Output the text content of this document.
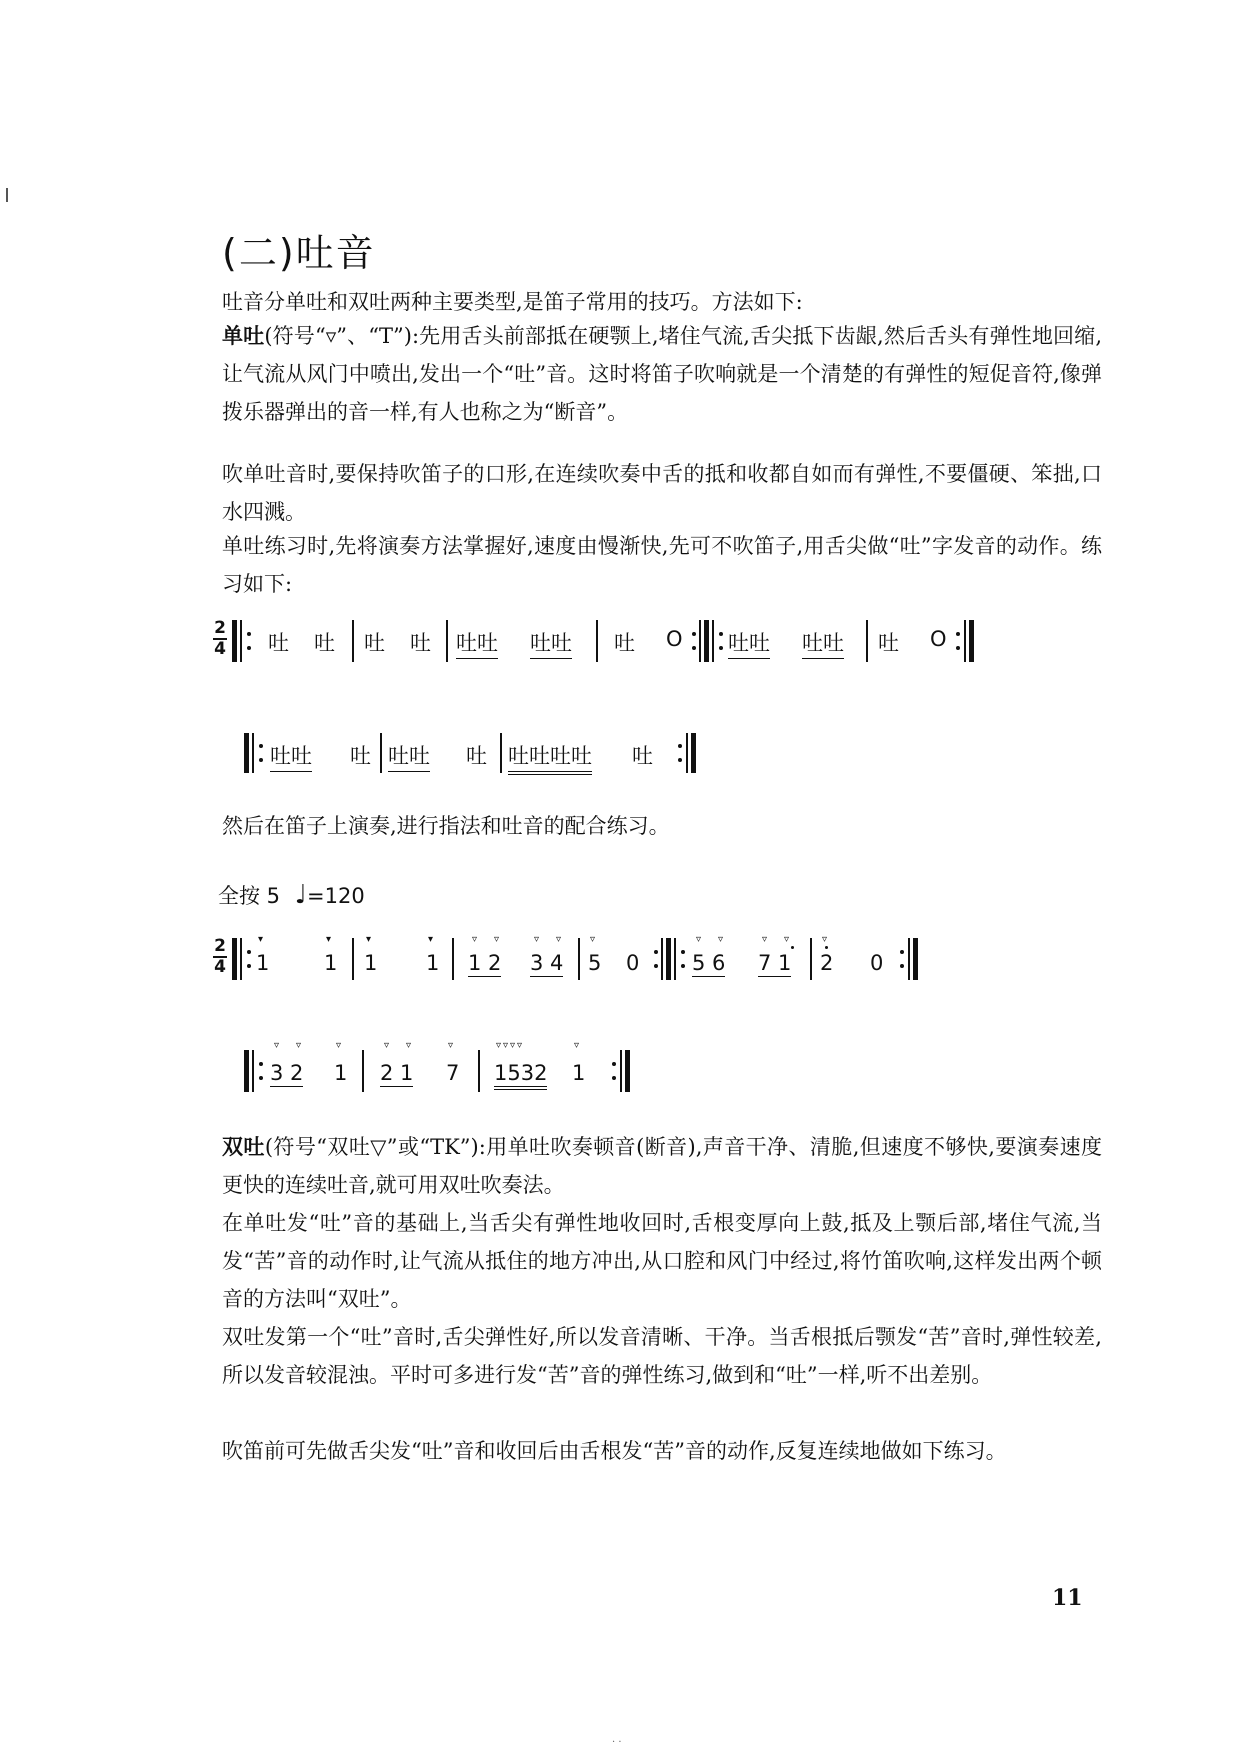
(二)吐音
吐音分单吐和双吐两种主要类型,是笛子常用的技巧。方法如下:
单吐(符号“▿”、“T”):先用舌头前部抵在硬颚上,堵住气流,舌尖抵下齿龈,然后舌头有弹性地回缩,让气流从风门中喷出,发出一个“吐”音。这时将笛子吹响就是一个清楚的有弹性的短促音符,像弹拨乐器弹出的音一样,有人也称之为“断音”。
吹单吐音时,要保持吹笛子的口形,在连续吹奏中舌的抵和收都自如而有弹性,不要僵硬、笨拙,口水四溅。
单吐练习时,先将演奏方法掌握好,速度由慢渐快,先可不吹笛子,用舌尖做“吐”字发音的动作。练习如下:
2
4 吐 吐 吐 吐 吐吐 吐吐 吐 O 吐吐 吐吐 吐 O
吐吐 吐 吐吐 吐 吐吐吐吐 吐
然后在笛子上演奏,进行指法和吐音的配合练习。
全按 5 ♩=120
2
4 1
▾
1
▾
1
▾
1
▾
1 2
▿ ▿
3 4
▿ ▿
5
▿
0	5 6
▿ ▿
7 1
▿ ▿
2
▿
0
3 2
▿ ▿
1
▿
2 1
▿ ▿
7
▿
1532
▿▿▿▿
1
▿
双吐(符号“双吐▽”或“TK”):用单吐吹奏顿音(断音),声音干净、清脆,但速度不够快,要演奏速度更快的连续吐音,就可用双吐吹奏法。
在单吐发“吐”音的基础上,当舌尖有弹性地收回时,舌根变厚向上鼓,抵及上颚后部,堵住气流,当发“苦”音的动作时,让气流从抵住的地方冲出,从口腔和风门中经过,将竹笛吹响,这样发出两个顿音的方法叫“双吐”。
双吐发第一个“吐”音时,舌尖弹性好,所以发音清晰、干净。当舌根抵后颚发“苦”音时,弹性较差,所以发音较混浊。平时可多进行发“苦”音的弹性练习,做到和“吐”一样,听不出差别。
吹笛前可先做舌尖发“吐”音和收回后由舌根发“苦”音的动作,反复连续地做如下练习。
11
· ·
